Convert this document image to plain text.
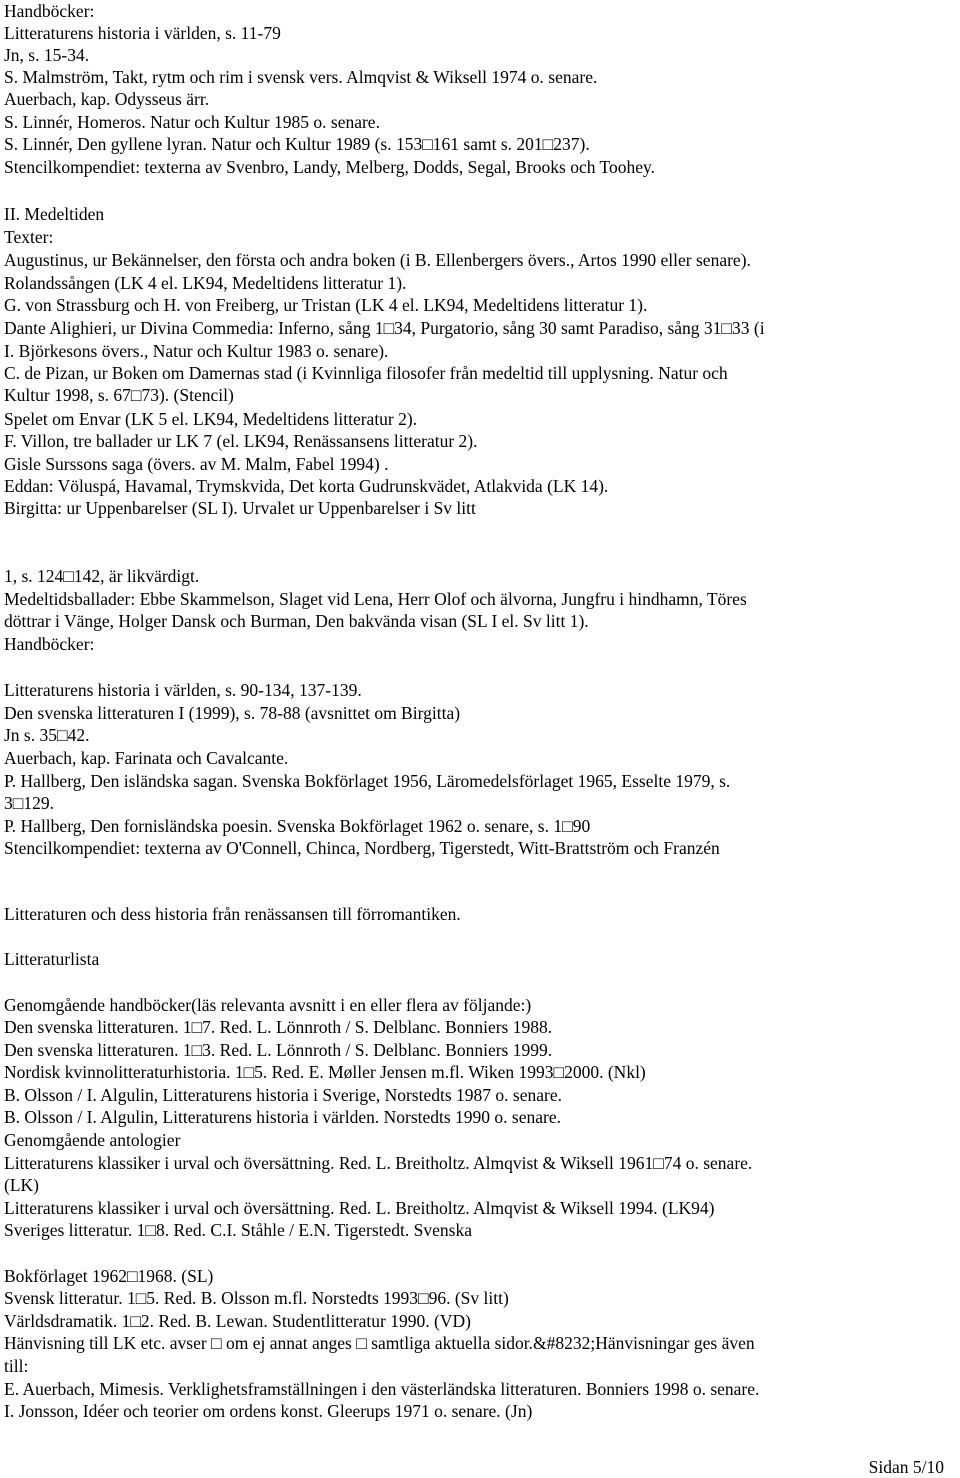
Handböcker:
Litteraturens historia i världen, s. 11-79
Jn, s. 15-34.
S. Malmström, Takt, rytm och rim i svensk vers. Almqvist & Wiksell 1974 o. senare.
Auerbach, kap. Odysseus ärr.
S. Linnér, Homeros. Natur och Kultur 1985 o. senare.
S. Linnér, Den gyllene lyran. Natur och Kultur 1989 (s. 153□161 samt s. 201□237).
Stencilkompendiet: texterna av Svenbro, Landy, Melberg, Dodds, Segal, Brooks och Toohey.
II. Medeltiden
Texter:
Augustinus, ur Bekännelser, den första och andra boken (i B. Ellenbergers övers., Artos 1990 eller senare).
Rolandssången (LK 4 el. LK94, Medeltidens litteratur 1).
G. von Strassburg och H. von Freiberg, ur Tristan (LK 4 el. LK94, Medeltidens litteratur 1).
Dante Alighieri, ur Divina Commedia: Inferno, sång 1□34, Purgatorio, sång 30 samt Paradiso, sång 31□33 (i
I. Björkesons övers., Natur och Kultur 1983 o. senare).
C. de Pizan, ur Boken om Damernas stad (i Kvinnliga filosofer från medeltid till upplysning. Natur och
Kultur 1998, s. 67□73). (Stencil)
Spelet om Envar (LK 5 el. LK94, Medeltidens litteratur 2).
F. Villon, tre ballader ur LK 7 (el. LK94, Renässansens litteratur 2).
Gisle Surssons saga (övers. av M. Malm, Fabel 1994) .
Eddan: Völuspá, Havamal, Trymskvida, Det korta Gudrunskvädet, Atlakvida (LK 14).
Birgitta: ur Uppenbarelser (SL I). Urvalet ur Uppenbarelser i Sv litt
1, s. 124□142, är likvärdigt.
Medeltidsballader: Ebbe Skammelson, Slaget vid Lena, Herr Olof och älvorna, Jungfru i hindhamn, Töres
döttrar i Vänge, Holger Dansk och Burman, Den bakvända visan (SL I el. Sv litt 1).
Handböcker:
Litteraturens historia i världen, s. 90-134, 137-139.
Den svenska litteraturen I (1999), s. 78-88 (avsnittet om Birgitta)
Jn s. 35□42.
Auerbach, kap. Farinata och Cavalcante.
P. Hallberg, Den isländska sagan. Svenska Bokförlaget 1956, Läromedelsförlaget 1965, Esselte 1979, s.
3□129.
P. Hallberg, Den fornisländska poesin. Svenska Bokförlaget 1962 o. senare, s. 1□90
Stencilkompendiet: texterna av O'Connell, Chinca, Nordberg, Tigerstedt, Witt-Brattström och Franzén
Litteraturen och dess historia från renässansen till förromantiken.
Litteraturlista
Genomgående handböcker(läs relevanta avsnitt i en eller flera av följande:)
Den svenska litteraturen. 1□7. Red. L. Lönnroth / S. Delblanc. Bonniers 1988.
Den svenska litteraturen. 1□3. Red. L. Lönnroth / S. Delblanc. Bonniers 1999.
Nordisk kvinnolitteraturhistoria. 1□5. Red. E. Møller Jensen m.fl. Wiken 1993□2000. (Nkl)
B. Olsson / I. Algulin, Litteraturens historia i Sverige, Norstedts 1987 o. senare.
B. Olsson / I. Algulin, Litteraturens historia i världen. Norstedts 1990 o. senare.
Genomgående antologier
Litteraturens klassiker i urval och översättning. Red. L. Breitholtz. Almqvist & Wiksell 1961□74 o. senare.
(LK)
Litteraturens klassiker i urval och översättning. Red. L. Breitholtz. Almqvist & Wiksell 1994. (LK94)
Sveriges litteratur. 1□8. Red. C.I. Ståhle / E.N. Tigerstedt. Svenska
Bokförlaget 1962□1968. (SL)
Svensk litteratur. 1□5. Red. B. Olsson m.fl. Norstedts 1993□96. (Sv litt)
Världsdramatik. 1□2. Red. B. Lewan. Studentlitteratur 1990. (VD)
Hänvisning till LK etc. avser □ om ej annat anges □ samtliga aktuella sidor.&#8232;Hänvisningar ges även
till:
E. Auerbach, Mimesis. Verklighetsframställningen i den västerländska litteraturen. Bonniers 1998 o. senare.
I. Jonsson, Idéer och teorier om ordens konst. Gleerups 1971 o. senare. (Jn)
Sidan 5/10
